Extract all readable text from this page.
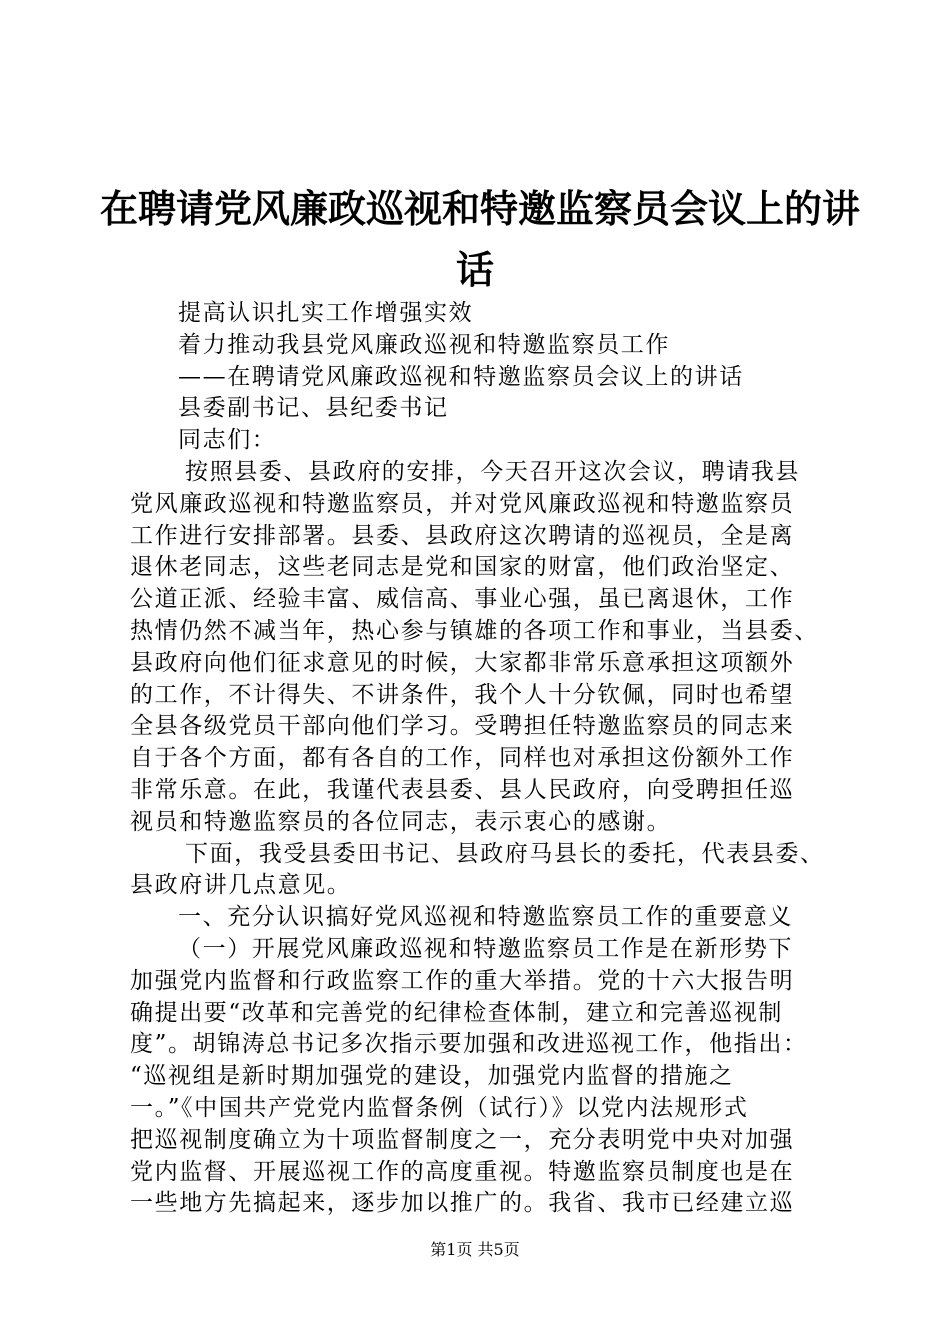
在聘请党风廉政巡视和特邀监察员会议上的讲
话
提高认识扎实工作增强实效
着力推动我县党风廉政巡视和特邀监察员工作
——在聘请党风廉政巡视和特邀监察员会议上的讲话
县委副书记、县纪委书记
同志们：
按照县委、县政府的安排，今天召开这次会议，聘请我县
党风廉政巡视和特邀监察员，并对党风廉政巡视和特邀监察员
工作进行安排部署。县委、县政府这次聘请的巡视员，全是离
退休老同志，这些老同志是党和国家的财富，他们政治坚定、
公道正派、经验丰富、威信高、事业心强，虽已离退休，工作
热情仍然不减当年，热心参与镇雄的各项工作和事业，当县委、
县政府向他们征求意见的时候，大家都非常乐意承担这项额外
的工作，不计得失、不讲条件，我个人十分钦佩，同时也希望
全县各级党员干部向他们学习。受聘担任特邀监察员的同志来
自于各个方面，都有各自的工作，同样也对承担这份额外工作
非常乐意。在此，我谨代表县委、县人民政府，向受聘担任巡
视员和特邀监察员的各位同志，表示衷心的感谢。
下面，我受县委田书记、县政府马县长的委托，代表县委、
县政府讲几点意见。
一、充分认识搞好党风巡视和特邀监察员工作的重要意义
（一）开展党风廉政巡视和特邀监察员工作是在新形势下
加强党内监督和行政监察工作的重大举措。党的十六大报告明
确提出要“改革和完善党的纪律检查体制，建立和完善巡视制
度”。胡锦涛总书记多次指示要加强和改进巡视工作，他指出：
“巡视组是新时期加强党的建设，加强党内监督的措施之
一。”《中国共产党党内监督条例（试行）》以党内法规形式
把巡视制度确立为十项监督制度之一，充分表明党中央对加强
党内监督、开展巡视工作的高度重视。特邀监察员制度也是在
一些地方先搞起来，逐步加以推广的。我省、我市已经建立巡
第1页 共5页
